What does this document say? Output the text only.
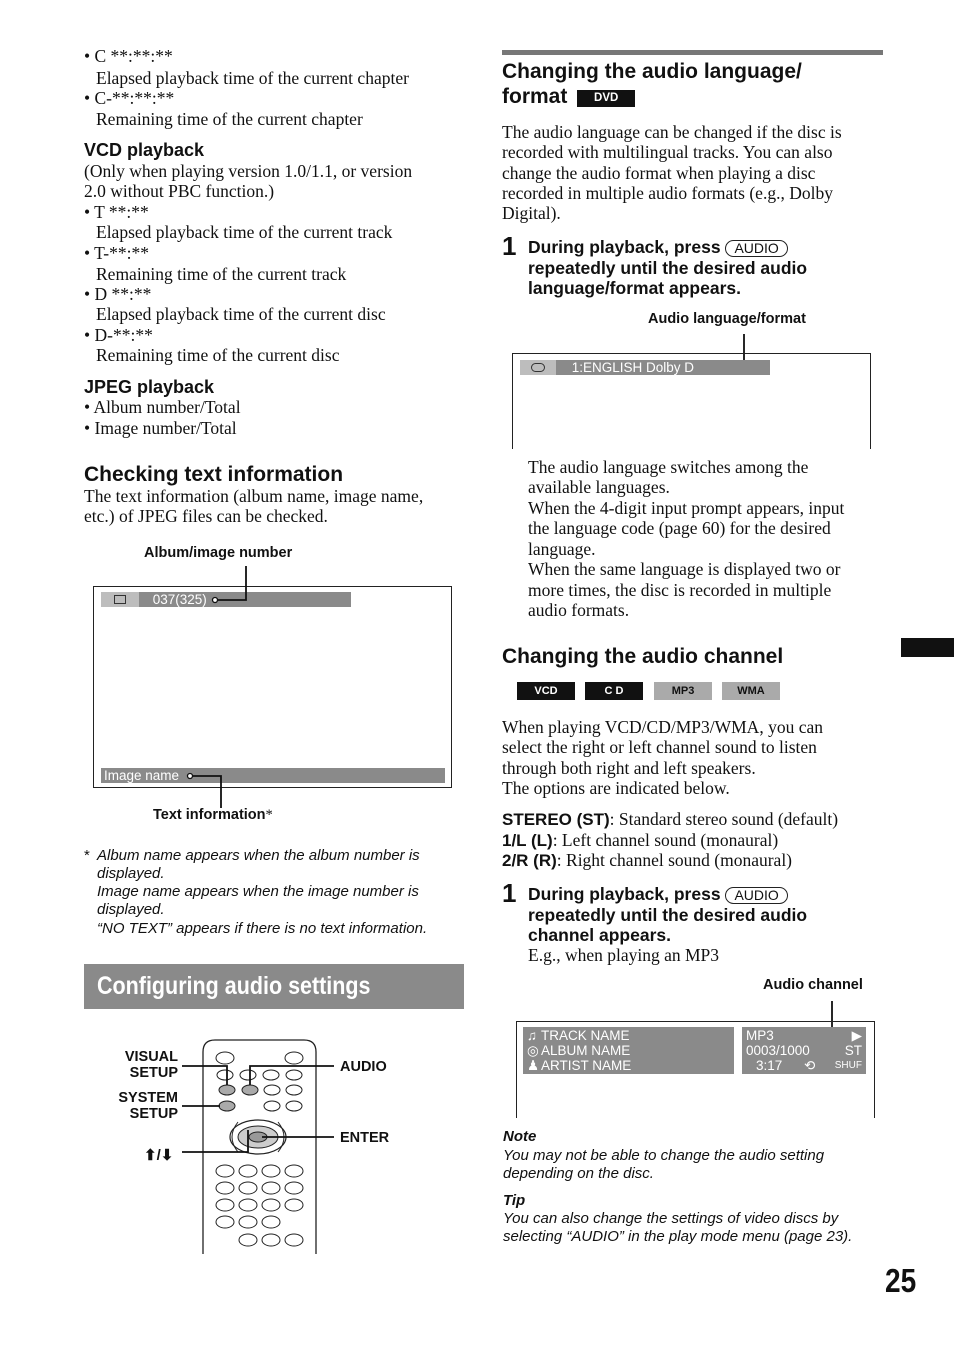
• C **:**:**
Elapsed playback time of the current chapter
• C-**:**:**
Remaining time of the current chapter
VCD playback
(Only when playing version 1.0/1.1, or version
2.0 without PBC function.)
• T **:**
Elapsed playback time of the current track
• T-**:**
Remaining time of the current track
• D **:**
Elapsed playback time of the current disc
• D-**:**
Remaining time of the current disc
JPEG playback
• Album number/Total
• Image number/Total
Checking text information
The text information (album name, image name,
etc.) of JPEG files can be checked.
Album/image number
037(325)
Image name
Text information*
* Album name appears when the album number is
displayed.
Image name appears when the image number is
displayed.
“NO TEXT” appears if there is no text information.
Configuring audio settings
VISUAL
SETUP
SYSTEM
SETUP
AUDIO
ENTER
⬆/⬇
Changing the audio language/
format DVD
The audio language can be changed if the disc is
recorded with multilingual tracks. You can also
change the audio format when playing a disc
recorded in multiple audio formats (e.g., Dolby
Digital).
1 During playback, press AUDIO
repeatedly until the desired audio
language/format appears.
Audio language/format
1:ENGLISH Dolby D
The audio language switches among the
available languages.
When the 4-digit input prompt appears, input
the language code (page 60) for the desired
language.
When the same language is displayed two or
more times, the disc is recorded in multiple
audio formats.
Changing the audio channel
VCD	C D	MP3	WMA
When playing VCD/CD/MP3/WMA, you can
select the right or left channel sound to listen
through both right and left speakers.
The options are indicated below.
STEREO (ST): Standard stereo sound (default)
1/L (L): Left channel sound (monaural)
2/R (R): Right channel sound (monaural)
1 During playback, press AUDIO
repeatedly until the desired audio
channel appears.
E.g., when playing an MP3
Audio channel
♫ TRACK NAME
◎ ALBUM NAME
♟ ARTIST NAME
MP3	▶
0003/1000	ST
3:17 ⟲ SHUF
Note
You may not be able to change the audio setting
depending on the disc.
Tip
You can also change the settings of video discs by
selecting “AUDIO” in the play mode menu (page 23).
25
